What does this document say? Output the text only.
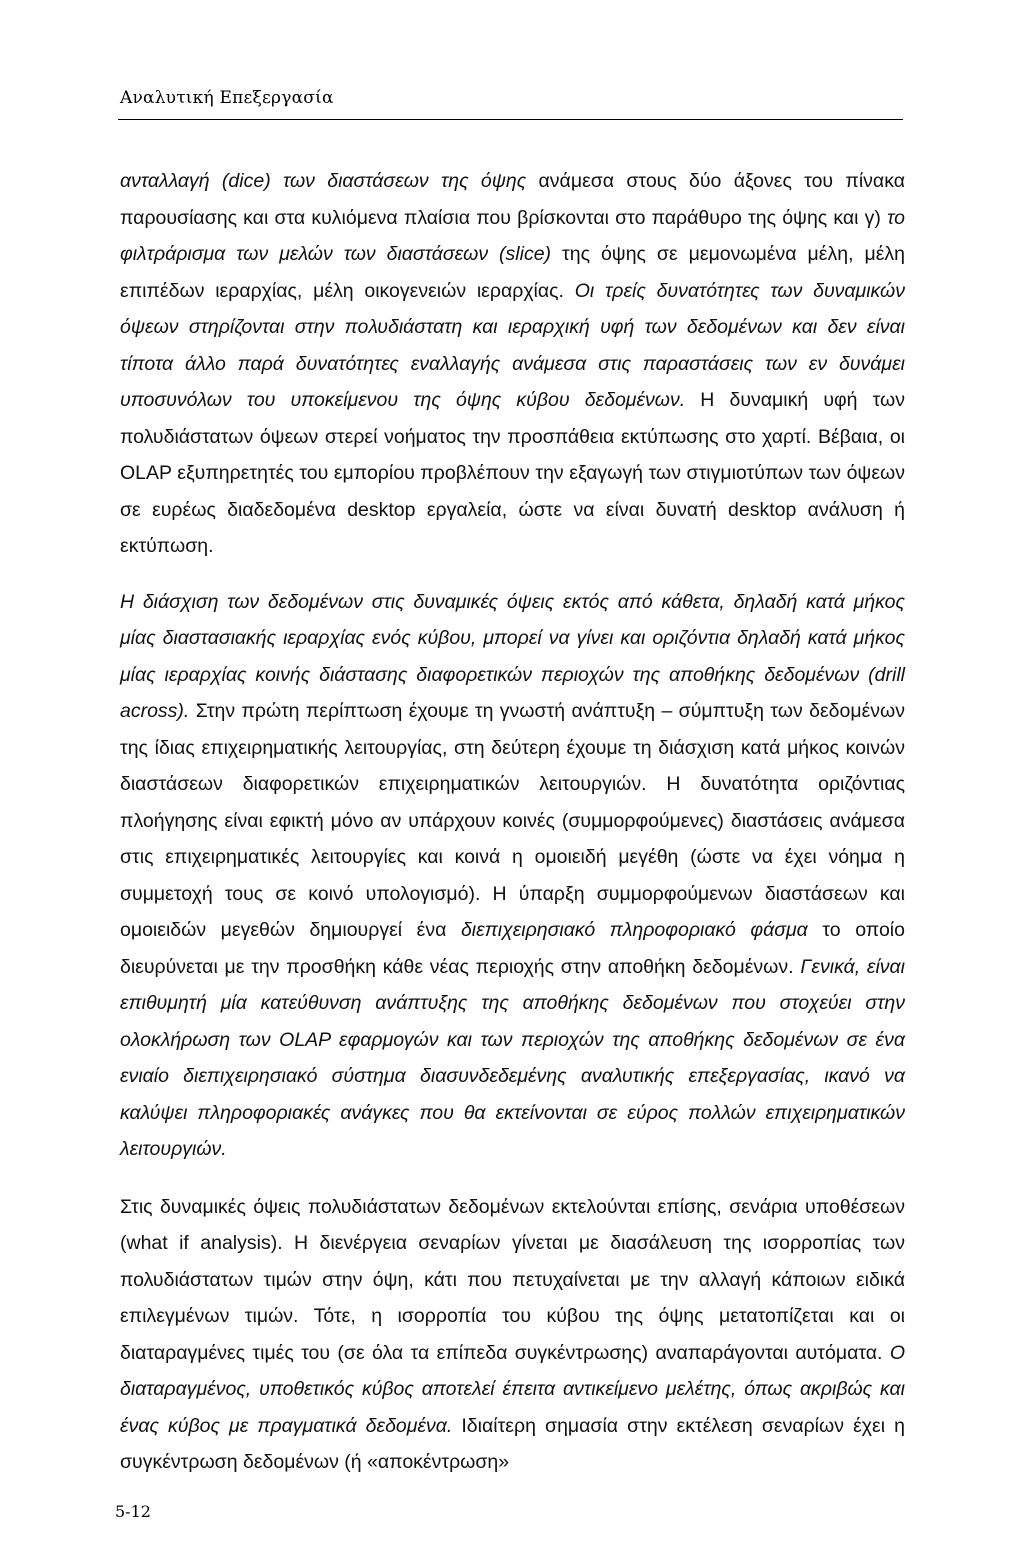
Αναλυτική Επεξεργασία

ανταλλαγή (dice) των διαστάσεων της όψης ανάμεσα στους δύο άξονες του πίνακα παρουσίασης και στα κυλιόμενα πλαίσια που βρίσκονται στο παράθυρο της όψης και γ) το φιλτράρισμα των μελών των διαστάσεων (slice) της όψης σε μεμονωμένα μέλη, μέλη επιπέδων ιεραρχίας, μέλη οικογενειών ιεραρχίας. Οι τρείς δυνατότητες των δυναμικών όψεων στηρίζονται στην πολυδιάστατη και ιεραρχική υφή των δεδομένων και δεν είναι τίποτα άλλο παρά δυνατότητες εναλλαγής ανάμεσα στις παραστάσεις των εν δυνάμει υποσυνόλων του υποκείμενου της όψης κύβου δεδομένων. Η δυναμική υφή των πολυδιάστατων όψεων στερεί νοήματος την προσπάθεια εκτύπωσης στο χαρτί. Βέβαια, οι OLAP εξυπηρετητές του εμπορίου προβλέπουν την εξαγωγή των στιγμιοτύπων των όψεων σε ευρέως διαδεδομένα desktop εργαλεία, ώστε να είναι δυνατή desktop ανάλυση ή εκτύπωση.

Η διάσχιση των δεδομένων στις δυναμικές όψεις εκτός από κάθετα, δηλαδή κατά μήκος μίας διαστασιακής ιεραρχίας ενός κύβου, μπορεί να γίνει και οριζόντια δηλαδή κατά μήκος μίας ιεραρχίας κοινής διάστασης διαφορετικών περιοχών της αποθήκης δεδομένων (drill across). Στην πρώτη περίπτωση έχουμε τη γνωστή ανάπτυξη – σύμπτυξη των δεδομένων της ίδιας επιχειρηματικής λειτουργίας, στη δεύτερη έχουμε τη διάσχιση κατά μήκος κοινών διαστάσεων διαφορετικών επιχειρηματικών λειτουργιών. Η δυνατότητα οριζόντιας πλοήγησης είναι εφικτή μόνο αν υπάρχουν κοινές (συμμορφούμενες) διαστάσεις ανάμεσα στις επιχειρηματικές λειτουργίες και κοινά η ομοιειδή μεγέθη (ώστε να έχει νόημα η συμμετοχή τους σε κοινό υπολογισμό). Η ύπαρξη συμμορφούμενων διαστάσεων και ομοιειδών μεγεθών δημιουργεί ένα διεπιχειρησιακό πληροφοριακό φάσμα το οποίο διευρύνεται με την προσθήκη κάθε νέας περιοχής στην αποθήκη δεδομένων. Γενικά, είναι επιθυμητή μία κατεύθυνση ανάπτυξης της αποθήκης δεδομένων που στοχεύει στην ολοκλήρωση των OLAP εφαρμογών και των περιοχών της αποθήκης δεδομένων σε ένα ενιαίο διεπιχειρησιακό σύστημα διασυνδεδεμένης αναλυτικής επεξεργασίας, ικανό να καλύψει πληροφοριακές ανάγκες που θα εκτείνονται σε εύρος πολλών επιχειρηματικών λειτουργιών.

Στις δυναμικές όψεις πολυδιάστατων δεδομένων εκτελούνται επίσης, σενάρια υποθέσεων (what if analysis). Η διενέργεια σεναρίων γίνεται με διασάλευση της ισορροπίας των πολυδιάστατων τιμών στην όψη, κάτι που πετυχαίνεται με την αλλαγή κάποιων ειδικά επιλεγμένων τιμών. Τότε, η ισορροπία του κύβου της όψης μετατοπίζεται και οι διαταραγμένες τιμές του (σε όλα τα επίπεδα συγκέντρωσης) αναπαράγονται αυτόματα. Ο διαταραγμένος, υποθετικός κύβος αποτελεί έπειτα αντικείμενο μελέτης, όπως ακριβώς και ένας κύβος με πραγματικά δεδομένα. Ιδιαίτερη σημασία στην εκτέλεση σεναρίων έχει η συγκέντρωση δεδομένων (ή «αποκέντρωση»

5-12
